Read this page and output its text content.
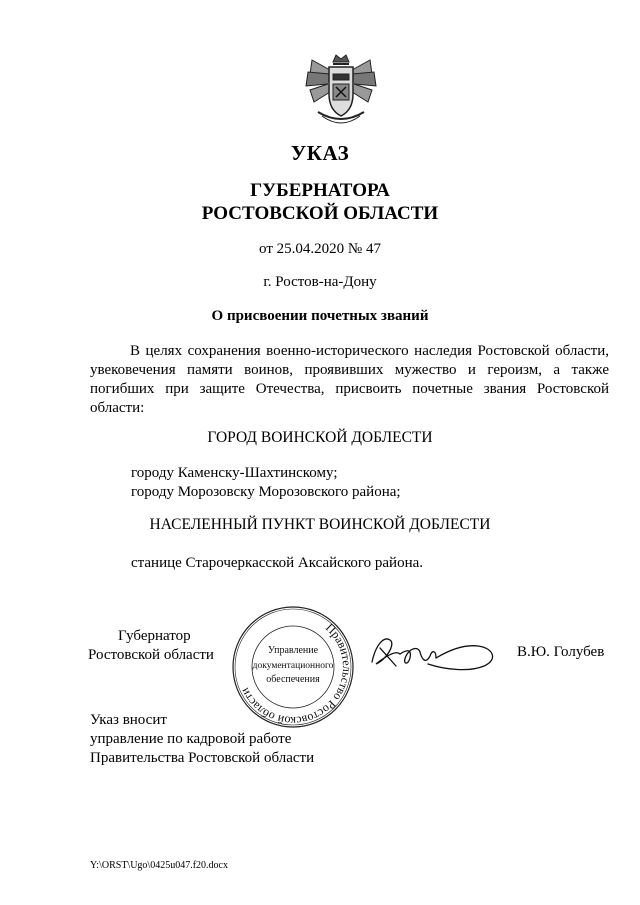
УКАЗ
ГУБЕРНАТОРА
РОСТОВСКОЙ ОБЛАСТИ
от 25.04.2020 № 47
г. Ростов-на-Дону
О присвоении почетных званий

В целях сохранения военно-исторического наследия Ростовской области, увековечения памяти воинов, проявивших мужество и героизм, а также погибших при защите Отечества, присвоить почетные звания Ростовской области:

ГОРОД ВОИНСКОЙ ДОБЛЕСТИ
городу Каменску-Шахтинскому;
городу Морозовску Морозовского района;
НАСЕЛЕННЫЙ ПУНКТ ВОИНСКОЙ ДОБЛЕСТИ
станице Старочеркасской Аксайского района.
Губернатор
Ростовской области
Правительство Ростовской области
Управление
документационного
обеспечения
В.Ю. Голубев
Указ вносит
управление по кадровой работе
Правительства Ростовской области
Y:\ORST\Ugo\0425u047.f20.docx
